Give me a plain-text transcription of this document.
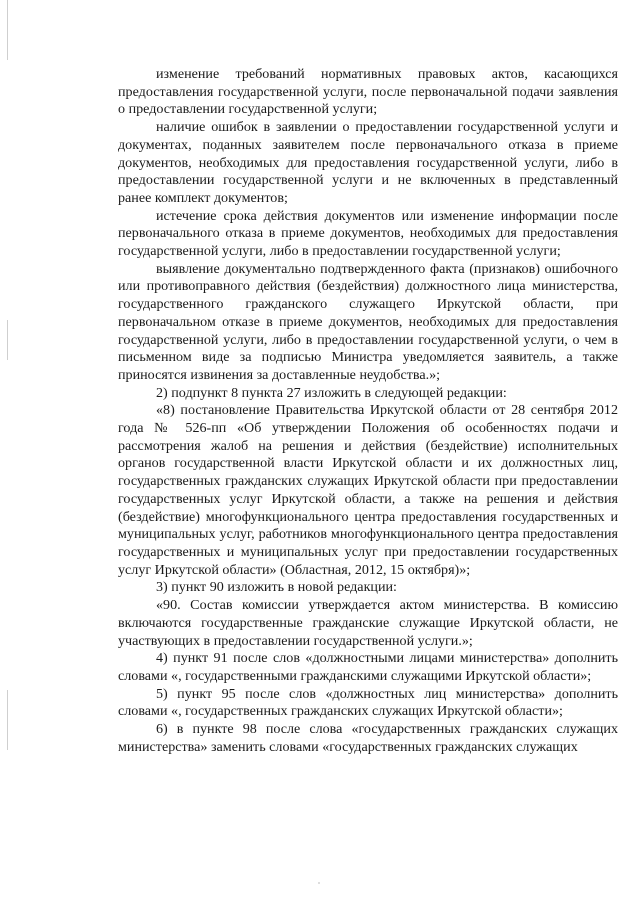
изменение требований нормативных правовых актов, касающихся предоставления государственной услуги, после первоначальной подачи заявления о предоставлении государственной услуги;

наличие ошибок в заявлении о предоставлении государственной услуги и документах, поданных заявителем после первоначального отказа в приеме документов, необходимых для предоставления государственной услуги, либо в предоставлении государственной услуги и не включенных в представленный ранее комплект документов;

истечение срока действия документов или изменение информации после первоначального отказа в приеме документов, необходимых для предоставления государственной услуги, либо в предоставлении государственной услуги;

выявление документально подтвержденного факта (признаков) ошибочного или противоправного действия (бездействия) должностного лица министерства, государственного гражданского служащего Иркутской области, при первоначальном отказе в приеме документов, необходимых для предоставления государственной услуги, либо в предоставлении государственной услуги, о чем в письменном виде за подписью Министра уведомляется заявитель, а также приносятся извинения за доставленные неудобства.»;

2) подпункт 8 пункта 27 изложить в следующей редакции:

«8) постановление Правительства Иркутской области от 28 сентября 2012 года № 526-пп «Об утверждении Положения об особенностях подачи и рассмотрения жалоб на решения и действия (бездействие) исполнительных органов государственной власти Иркутской области и их должностных лиц, государственных гражданских служащих Иркутской области при предоставлении государственных услуг Иркутской области, а также на решения и действия (бездействие) многофункционального центра предоставления государственных и муниципальных услуг, работников многофункционального центра предоставления государственных и муниципальных услуг при предоставлении государственных услуг Иркутской области» (Областная, 2012, 15 октября)»;

3) пункт 90 изложить в новой редакции:

«90. Состав комиссии утверждается актом министерства. В комиссию включаются государственные гражданские служащие Иркутской области, не участвующих в предоставлении государственной услуги.»;

4) пункт 91 после слов «должностными лицами министерства» дополнить словами «, государственными гражданскими служащими Иркутской области»;

5) пункт 95 после слов «должностных лиц министерства» дополнить словами «, государственных гражданских служащих Иркутской области»;

6) в пункте 98 после слова «государственных гражданских служащих министерства» заменить словами «государственных гражданских служащих
